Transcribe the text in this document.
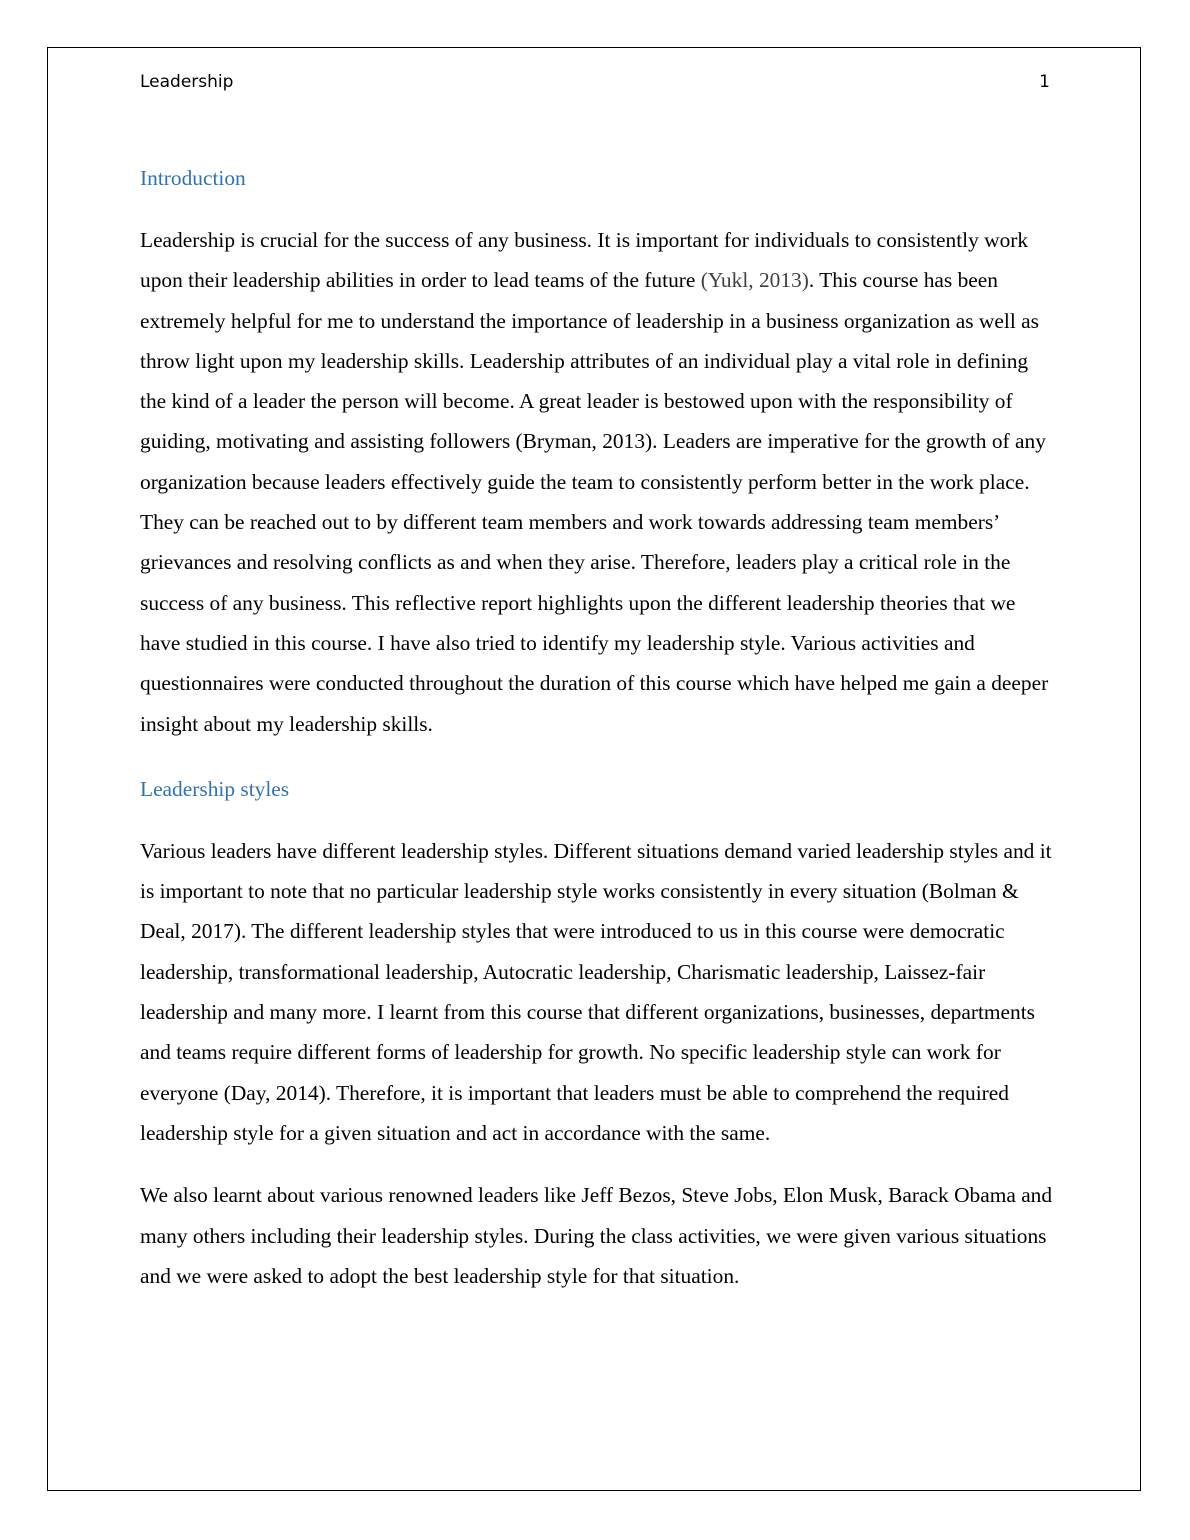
Leadership	1
Introduction

Leadership is crucial for the success of any business. It is important for individuals to consistently work upon their leadership abilities in order to lead teams of the future (Yukl, 2013). This course has been extremely helpful for me to understand the importance of leadership in a business organization as well as throw light upon my leadership skills. Leadership attributes of an individual play a vital role in defining the kind of a leader the person will become. A great leader is bestowed upon with the responsibility of guiding, motivating and assisting followers (Bryman, 2013). Leaders are imperative for the growth of any organization because leaders effectively guide the team to consistently perform better in the work place. They can be reached out to by different team members and work towards addressing team members’ grievances and resolving conflicts as and when they arise. Therefore, leaders play a critical role in the success of any business. This reflective report highlights upon the different leadership theories that we have studied in this course. I have also tried to identify my leadership style. Various activities and questionnaires were conducted throughout the duration of this course which have helped me gain a deeper insight about my leadership skills.

Leadership styles

Various leaders have different leadership styles. Different situations demand varied leadership styles and it is important to note that no particular leadership style works consistently in every situation (Bolman & Deal, 2017). The different leadership styles that were introduced to us in this course were democratic leadership, transformational leadership, Autocratic leadership, Charismatic leadership, Laissez-fair leadership and many more. I learnt from this course that different organizations, businesses, departments and teams require different forms of leadership for growth. No specific leadership style can work for everyone (Day, 2014). Therefore, it is important that leaders must be able to comprehend the required leadership style for a given situation and act in accordance with the same.

We also learnt about various renowned leaders like Jeff Bezos, Steve Jobs, Elon Musk, Barack Obama and many others including their leadership styles. During the class activities, we were given various situations and we were asked to adopt the best leadership style for that situation.
